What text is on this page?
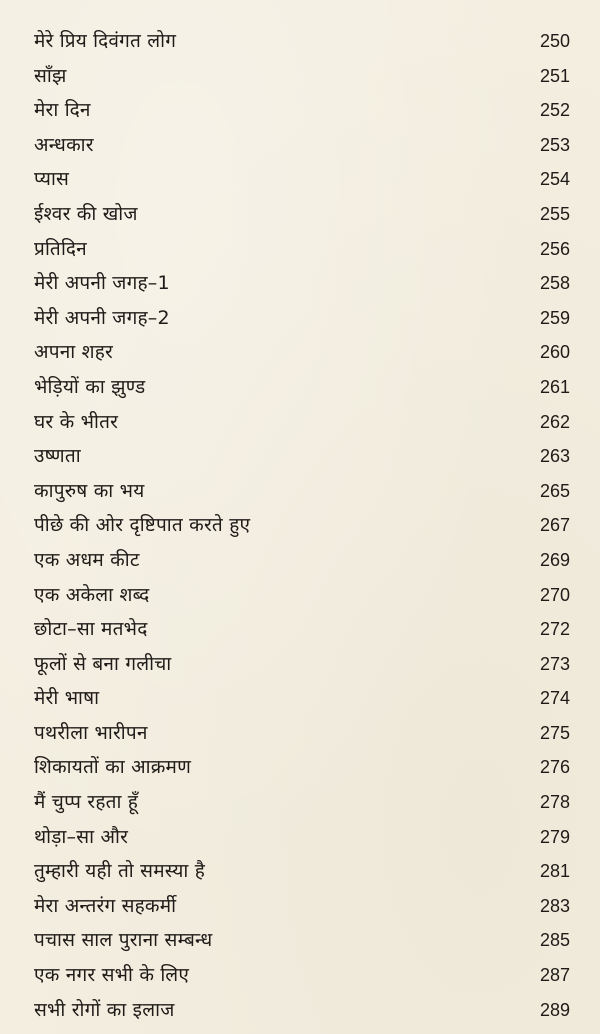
मेरे प्रिय दिवंगत लोग	250
साँझ	251
मेरा दिन	252
अन्धकार	253
प्यास	254
ईश्वर की खोज	255
प्रतिदिन	256
मेरी अपनी जगह–1	258
मेरी अपनी जगह–2	259
अपना शहर	260
भेड़ियों का झुण्ड	261
घर के भीतर	262
उष्णता	263
कापुरुष का भय	265
पीछे की ओर दृष्टिपात करते हुए	267
एक अधम कीट	269
एक अकेला शब्द	270
छोटा–सा मतभेद	272
फूलों से बना गलीचा	273
मेरी भाषा	274
पथरीला भारीपन	275
शिकायतों का आक्रमण	276
मैं चुप्प रहता हूँ	278
थोड़ा–सा और	279
तुम्हारी यही तो समस्या है	281
मेरा अन्तरंग सहकर्मी	283
पचास साल पुराना सम्बन्ध	285
एक नगर सभी के लिए	287
सभी रोगों का इलाज	289
